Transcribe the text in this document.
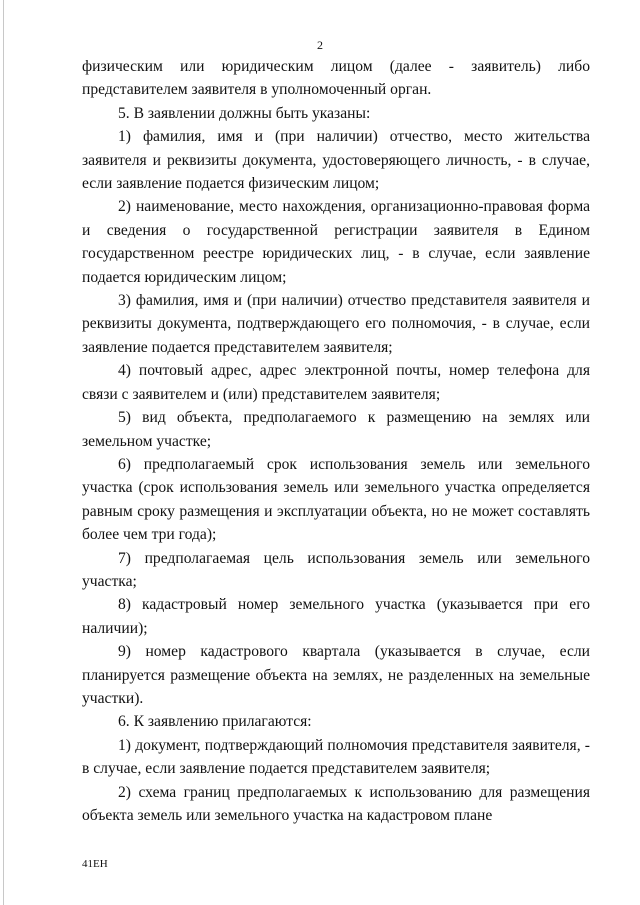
2

физическим или юридическим лицом (далее - заявитель) либо представителем заявителя в уполномоченный орган.

5. В заявлении должны быть указаны:

1) фамилия, имя и (при наличии) отчество, место жительства заявителя и реквизиты документа, удостоверяющего личность, - в случае, если заявление подается физическим лицом;

2) наименование, место нахождения, организационно-правовая форма и сведения о государственной регистрации заявителя в Едином государственном реестре юридических лиц, - в случае, если заявление подается юридическим лицом;

3) фамилия, имя и (при наличии) отчество представителя заявителя и реквизиты документа, подтверждающего его полномочия, - в случае, если заявление подается представителем заявителя;

4) почтовый адрес, адрес электронной почты, номер телефона для связи с заявителем и (или) представителем заявителя;

5) вид объекта, предполагаемого к размещению на землях или земельном участке;

6) предполагаемый срок использования земель или земельного участка (срок использования земель или земельного участка определяется равным сроку размещения и эксплуатации объекта, но не может составлять более чем три года);

7) предполагаемая цель использования земель или земельного участка;

8) кадастровый номер земельного участка (указывается при его наличии);

9) номер кадастрового квартала (указывается в случае, если планируется размещение объекта на землях, не разделенных на земельные участки).

6. К заявлению прилагаются:

1) документ, подтверждающий полномочия представителя заявителя, - в случае, если заявление подается представителем заявителя;

2) схема границ предполагаемых к использованию для размещения объекта земель или земельного участка на кадастровом плане

41ЕН
